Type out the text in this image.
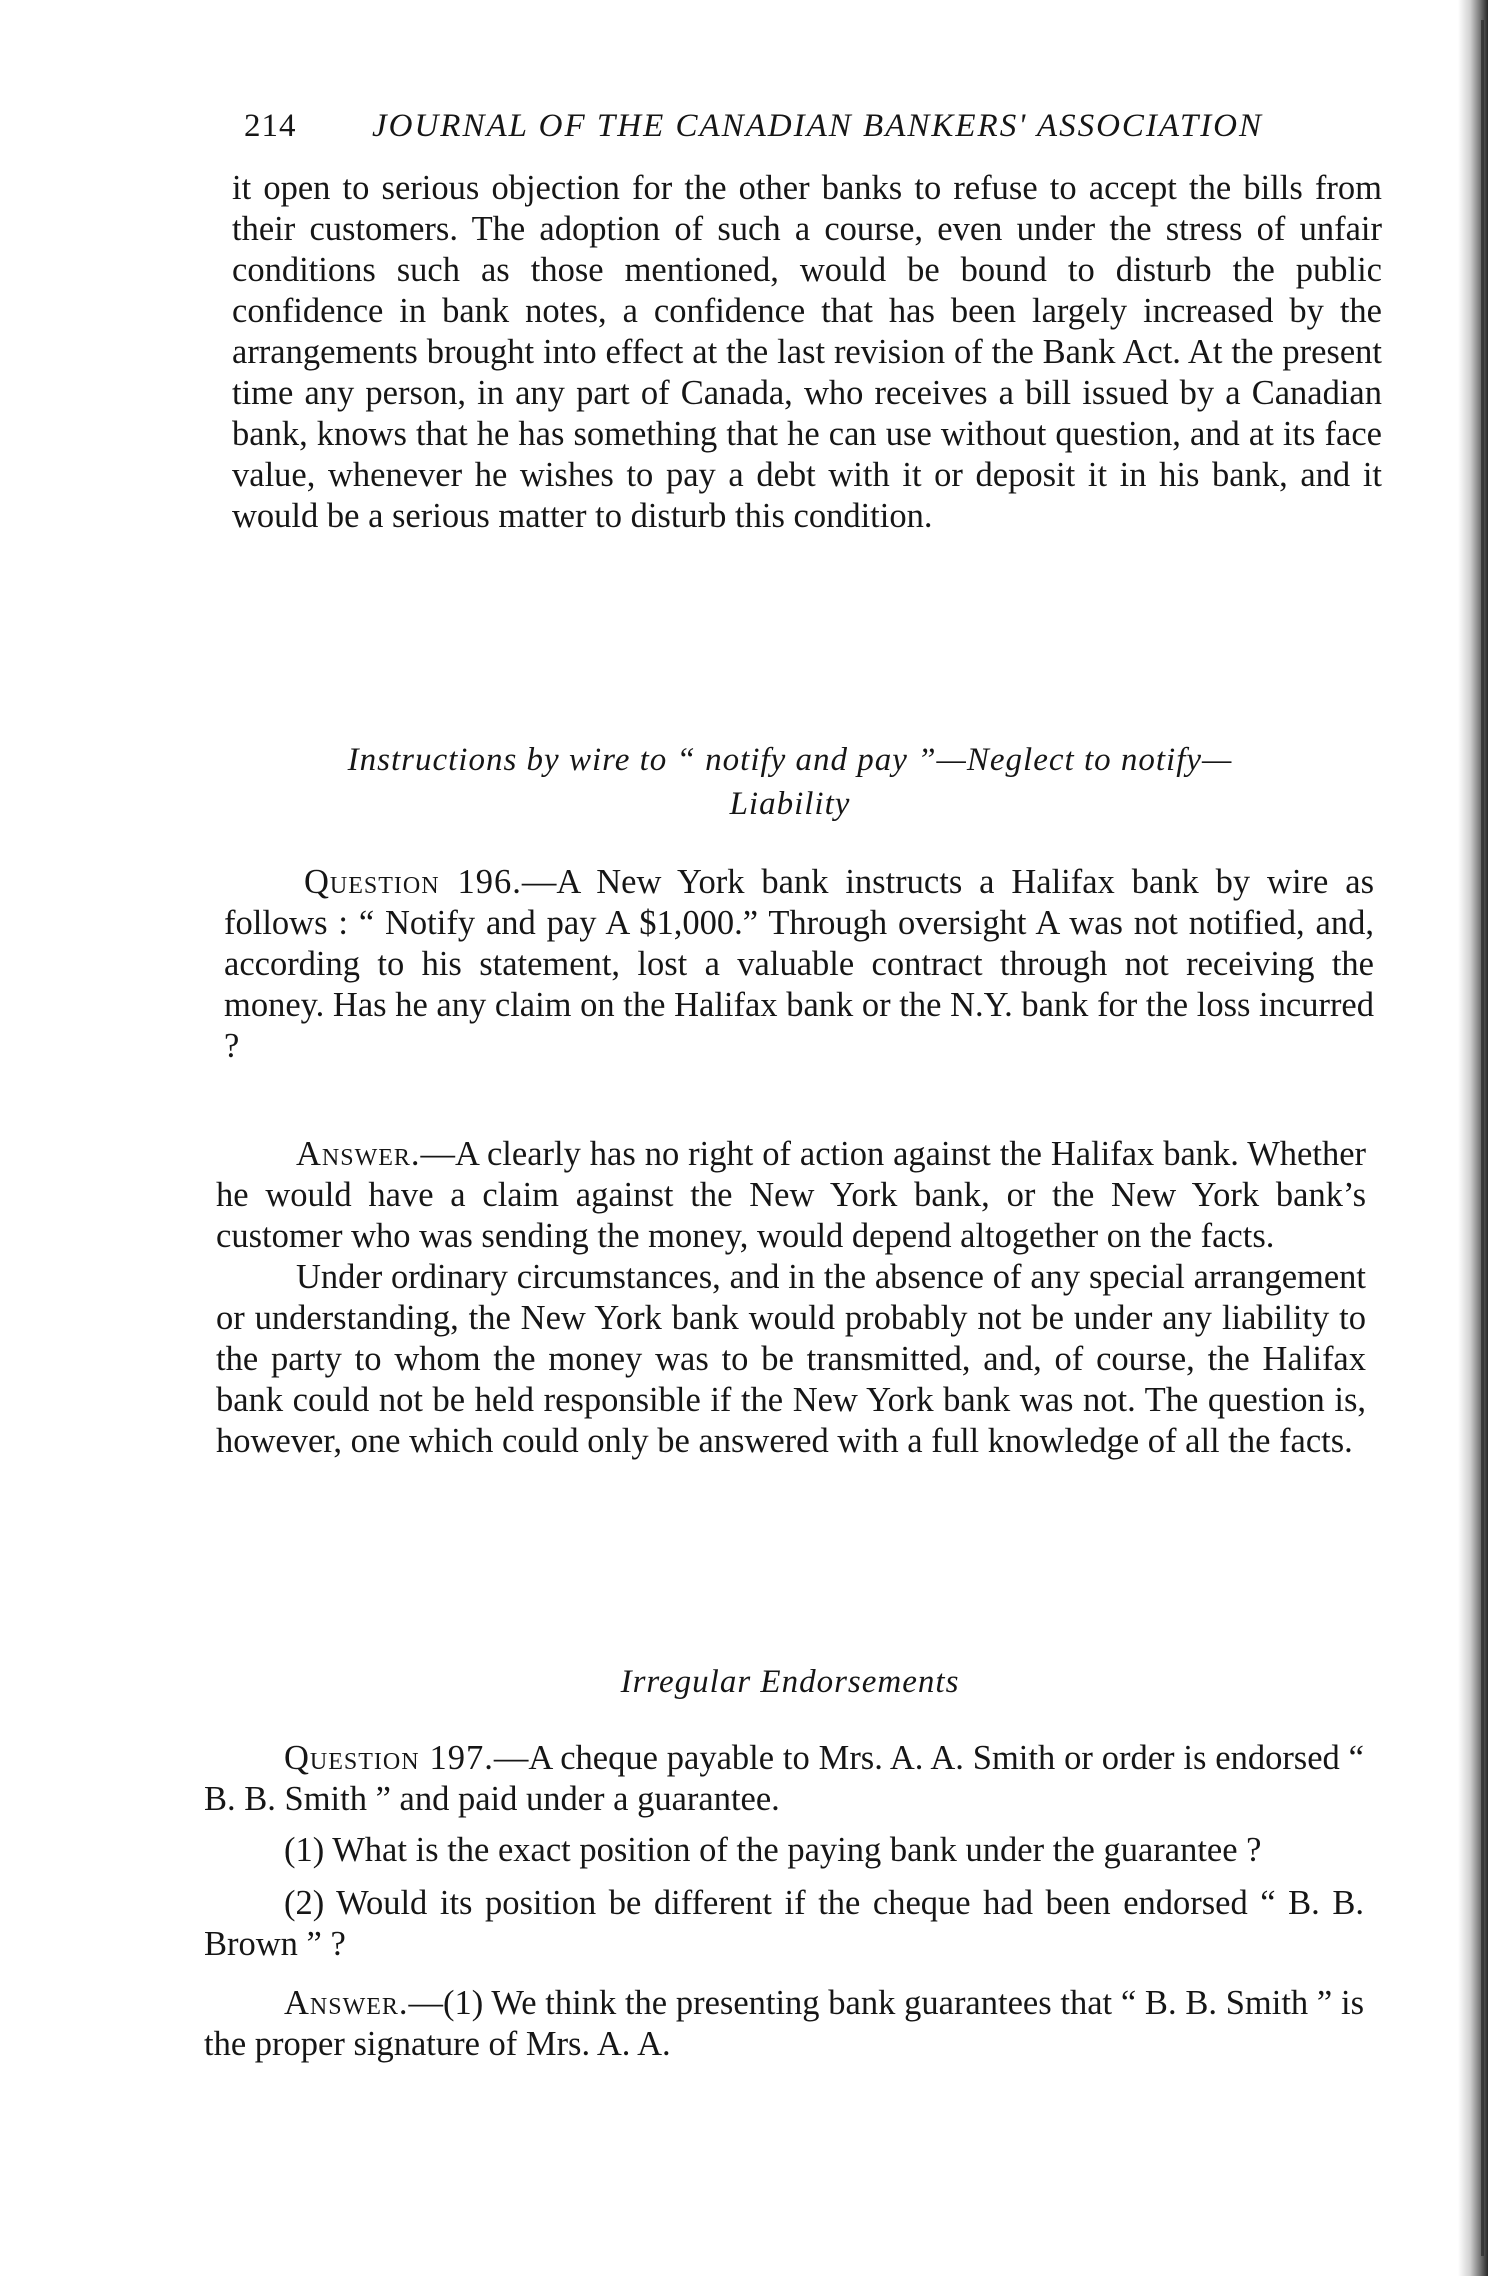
214 JOURNAL OF THE CANADIAN BANKERS' ASSOCIATION

it open to serious objection for the other banks to refuse to accept the bills from their customers. The adoption of such a course, even under the stress of unfair conditions such as those mentioned, would be bound to disturb the public confidence in bank notes, a confidence that has been largely increased by the arrangements brought into effect at the last revision of the Bank Act. At the present time any person, in any part of Canada, who receives a bill issued by a Canadian bank, knows that he has something that he can use without question, and at its face value, whenever he wishes to pay a debt with it or deposit it in his bank, and it would be a serious matter to disturb this condition.

Instructions by wire to “ notify and pay ”—Neglect to notify—
Liability

Question 196.—A New York bank instructs a Halifax bank by wire as follows : “ Notify and pay A $1,000.” Through oversight A was not notified, and, according to his statement, lost a valuable contract through not receiving the money. Has he any claim on the Halifax bank or the N.Y. bank for the loss incurred ?

Answer.—A clearly has no right of action against the Halifax bank. Whether he would have a claim against the New York bank, or the New York bank’s customer who was sending the money, would depend altogether on the facts.

Under ordinary circumstances, and in the absence of any special arrangement or understanding, the New York bank would probably not be under any liability to the party to whom the money was to be transmitted, and, of course, the Halifax bank could not be held responsible if the New York bank was not. The question is, however, one which could only be answered with a full knowledge of all the facts.

Irregular Endorsements

Question 197.—A cheque payable to Mrs. A. A. Smith or order is endorsed “ B. B. Smith ” and paid under a guarantee.

(1) What is the exact position of the paying bank under the guarantee ?

(2) Would its position be different if the cheque had been endorsed “ B. B. Brown ” ?

Answer.—(1) We think the presenting bank guarantees that “ B. B. Smith ” is the proper signature of Mrs. A. A.
